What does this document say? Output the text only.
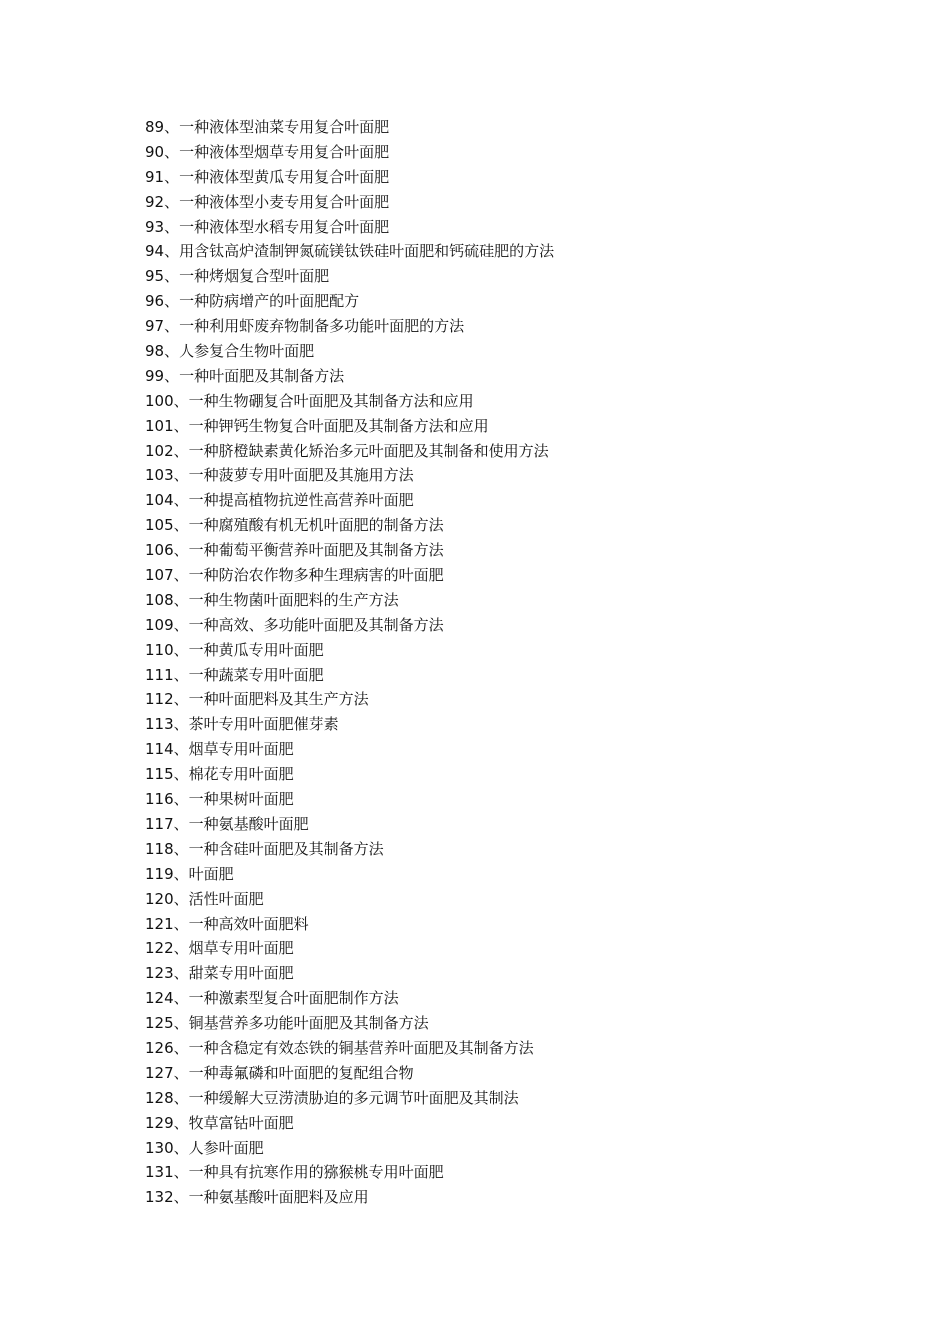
89、一种液体型油菜专用复合叶面肥
90、一种液体型烟草专用复合叶面肥
91、一种液体型黄瓜专用复合叶面肥
92、一种液体型小麦专用复合叶面肥
93、一种液体型水稻专用复合叶面肥
94、用含钛高炉渣制钾氮硫镁钛铁硅叶面肥和钙硫硅肥的方法
95、一种烤烟复合型叶面肥
96、一种防病增产的叶面肥配方
97、一种利用虾废弃物制备多功能叶面肥的方法
98、人参复合生物叶面肥
99、一种叶面肥及其制备方法
100、一种生物硼复合叶面肥及其制备方法和应用
101、一种钾钙生物复合叶面肥及其制备方法和应用
102、一种脐橙缺素黄化矫治多元叶面肥及其制备和使用方法
103、一种菠萝专用叶面肥及其施用方法
104、一种提高植物抗逆性高营养叶面肥
105、一种腐殖酸有机无机叶面肥的制备方法
106、一种葡萄平衡营养叶面肥及其制备方法
107、一种防治农作物多种生理病害的叶面肥
108、一种生物菌叶面肥料的生产方法
109、一种高效、多功能叶面肥及其制备方法
110、一种黄瓜专用叶面肥
111、一种蔬菜专用叶面肥
112、一种叶面肥料及其生产方法
113、茶叶专用叶面肥催芽素
114、烟草专用叶面肥
115、棉花专用叶面肥
116、一种果树叶面肥
117、一种氨基酸叶面肥
118、一种含硅叶面肥及其制备方法
119、叶面肥
120、活性叶面肥
121、一种高效叶面肥料
122、烟草专用叶面肥
123、甜菜专用叶面肥
124、一种激素型复合叶面肥制作方法
125、铜基营养多功能叶面肥及其制备方法
126、一种含稳定有效态铁的铜基营养叶面肥及其制备方法
127、一种毒氟磷和叶面肥的复配组合物
128、一种缓解大豆涝渍胁迫的多元调节叶面肥及其制法
129、牧草富钴叶面肥
130、人参叶面肥
131、一种具有抗寒作用的猕猴桃专用叶面肥
132、一种氨基酸叶面肥料及应用
